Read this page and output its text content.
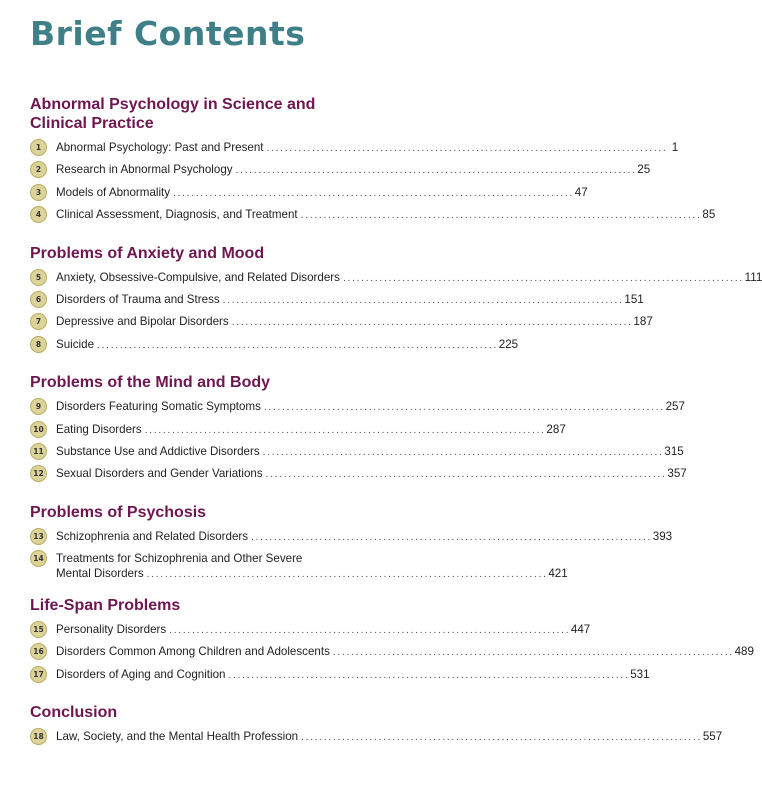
Brief Contents
Abnormal Psychology in Science and
Clinical Practice
1	Abnormal Psychology: Past and Present . . .	1
2	Research in Abnormal Psychology . . .	25
3	Models of Abnormality . . .	47
4	Clinical Assessment, Diagnosis, and Treatment . . .	85
Problems of Anxiety and Mood
5	Anxiety, Obsessive-Compulsive, and Related Disorders . . .	111
6	Disorders of Trauma and Stress . . .	151
7	Depressive and Bipolar Disorders . . .	187
8	Suicide . . .	225
Problems of the Mind and Body
9	Disorders Featuring Somatic Symptoms . . .	257
10 Eating Disorders . . .	287
11 Substance Use and Addictive Disorders . . .	315
12 Sexual Disorders and Gender Variations . . .	357
Problems of Psychosis
13 Schizophrenia and Related Disorders . . .	393
14 Treatments for Schizophrenia and Other Severe
Mental Disorders . . .	421
Life-Span Problems
15 Personality Disorders . . .	447
16 Disorders Common Among Children and Adolescents . . .	489
17 Disorders of Aging and Cognition . . .	531
Conclusion
18 Law, Society, and the Mental Health Profession . . .	557
